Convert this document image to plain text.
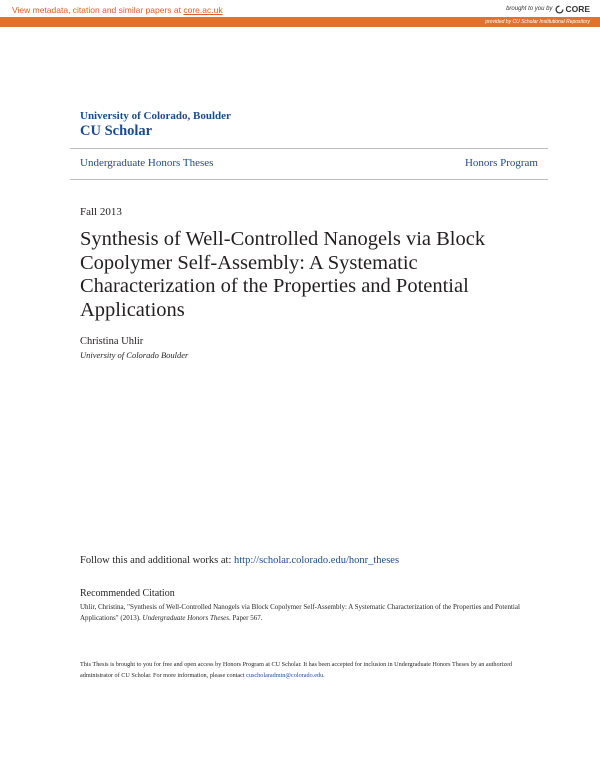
View metadata, citation and similar papers at core.ac.uk	brought to you by CORE
provided by CU Scholar Institutional Repository
University of Colorado, Boulder
CU Scholar
Undergraduate Honors Theses	Honors Program
Fall 2013
Synthesis of Well-Controlled Nanogels via Block Copolymer Self-Assembly: A Systematic Characterization of the Properties and Potential Applications
Christina Uhlir
University of Colorado Boulder
Follow this and additional works at: http://scholar.colorado.edu/honr_theses
Recommended Citation
Uhlir, Christina, "Synthesis of Well-Controlled Nanogels via Block Copolymer Self-Assembly: A Systematic Characterization of the Properties and Potential Applications" (2013). Undergraduate Honors Theses. Paper 567.
This Thesis is brought to you for free and open access by Honors Program at CU Scholar. It has been accepted for inclusion in Undergraduate Honors Theses by an authorized administrator of CU Scholar. For more information, please contact cuscholaradmin@colorado.edu.
